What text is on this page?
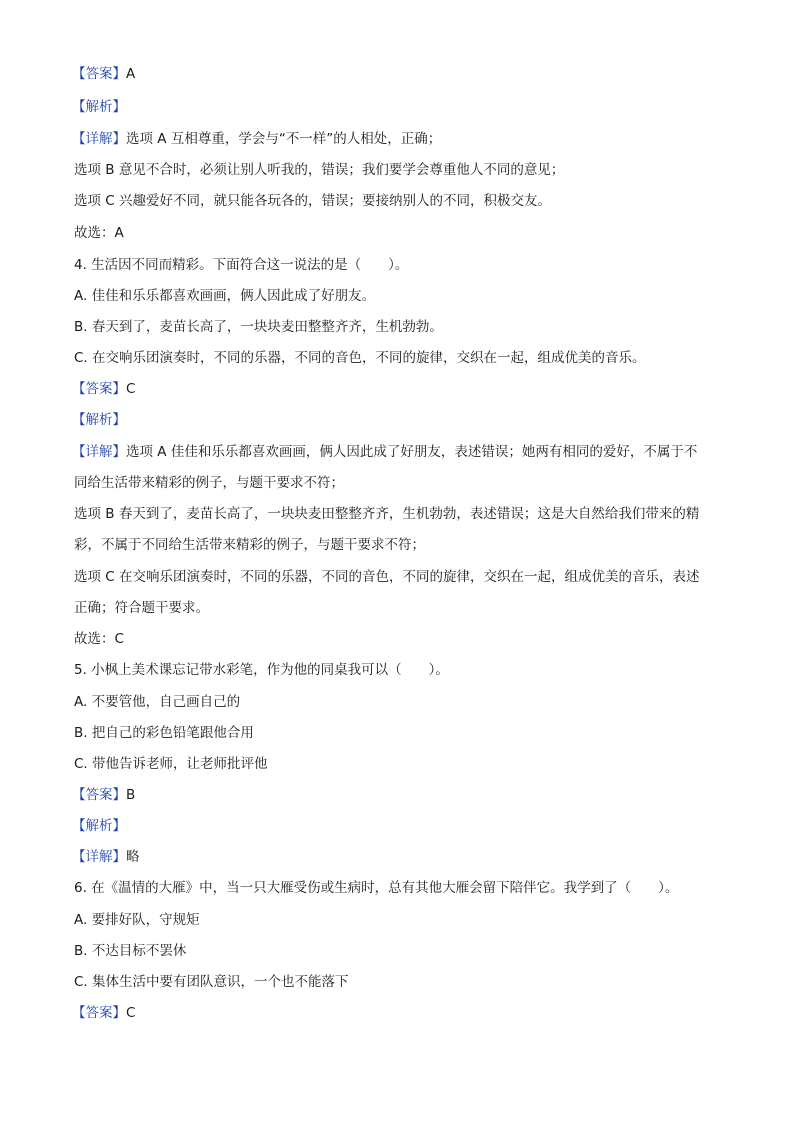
【答案】A
【解析】
【详解】选项 A 互相尊重，学会与“不一样”的人相处，正确；
选项 B 意见不合时，必须让别人听我的，错误；我们要学会尊重他人不同的意见；
选项 C 兴趣爱好不同，就只能各玩各的，错误；要接纳别人的不同，积极交友。
故选：A
4. 生活因不同而精彩。下面符合这一说法的是（　　）。
A. 佳佳和乐乐都喜欢画画，俩人因此成了好朋友。
B. 春天到了，麦苗长高了，一块块麦田整整齐齐，生机勃勃。
C. 在交响乐团演奏时，不同的乐器，不同的音色，不同的旋律，交织在一起，组成优美的音乐。
【答案】C
【解析】
【详解】选项 A 佳佳和乐乐都喜欢画画，俩人因此成了好朋友，表述错误；她两有相同的爱好，不属于不
同给生活带来精彩的例子，与题干要求不符；
选项 B 春天到了，麦苗长高了，一块块麦田整整齐齐，生机勃勃，表述错误；这是大自然给我们带来的精
彩，不属于不同给生活带来精彩的例子，与题干要求不符；
选项 C 在交响乐团演奏时，不同的乐器，不同的音色，不同的旋律，交织在一起，组成优美的音乐，表述
正确；符合题干要求。
故选：C
5. 小枫上美术课忘记带水彩笔，作为他的同桌我可以（　　）。
A. 不要管他，自己画自己的
B. 把自己的彩色铅笔跟他合用
C. 带他告诉老师，让老师批评他
【答案】B
【解析】
【详解】略
6. 在《温情的大雁》中，当一只大雁受伤或生病时，总有其他大雁会留下陪伴它。我学到了（　　）。
A. 要排好队，守规矩
B. 不达目标不罢休
C. 集体生活中要有团队意识，一个也不能落下
【答案】C
